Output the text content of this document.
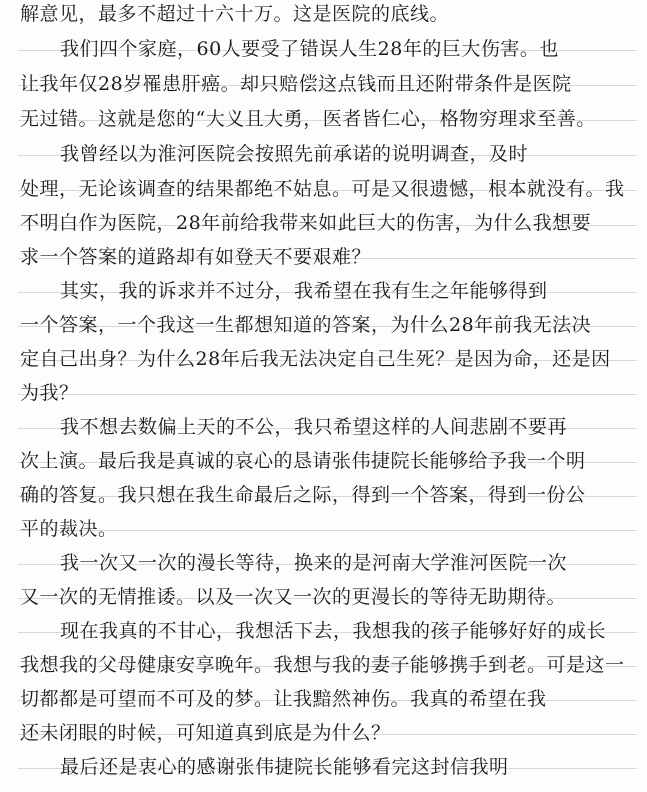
解意见，最多不超过十六十万。这是医院的底线。
我们四个家庭，60人要受了错误人生28年的巨大伤害。也
让我年仅28岁罹患肝癌。却只赔偿这点钱而且还附带条件是医院
无过错。这就是您的“大义且大勇，医者皆仁心，格物穷理求至善。
我曾经以为淮河医院会按照先前承诺的说明调查，及时
处理，无论该调查的结果都绝不姑息。可是又很遗憾，根本就没有。我
不明白作为医院，28年前给我带来如此巨大的伤害，为什么我想要
求一个答案的道路却有如登天不要艰难？
其实，我的诉求并不过分，我希望在我有生之年能够得到
一个答案，一个我这一生都想知道的答案，为什么28年前我无法决
定自己出身？为什么28年后我无法决定自己生死？是因为命，还是因
为我？
我不想去数偏上天的不公，我只希望这样的人间悲剧不要再
次上演。最后我是真诚的哀心的恳请张伟捷院长能够给予我一个明
确的答复。我只想在我生命最后之际，得到一个答案，得到一份公
平的裁决。
我一次又一次的漫长等待，换来的是河南大学淮河医院一次
又一次的无情推诿。以及一次又一次的更漫长的等待无助期待。
现在我真的不甘心，我想活下去，我想我的孩子能够好好的成长
我想我的父母健康安享晚年。我想与我的妻子能够携手到老。可是这一
切都都是可望而不可及的梦。让我黯然神伤。我真的希望在我
还未闭眼的时候，可知道真到底是为什么？
最后还是衷心的感谢张伟捷院长能够看完这封信我明
